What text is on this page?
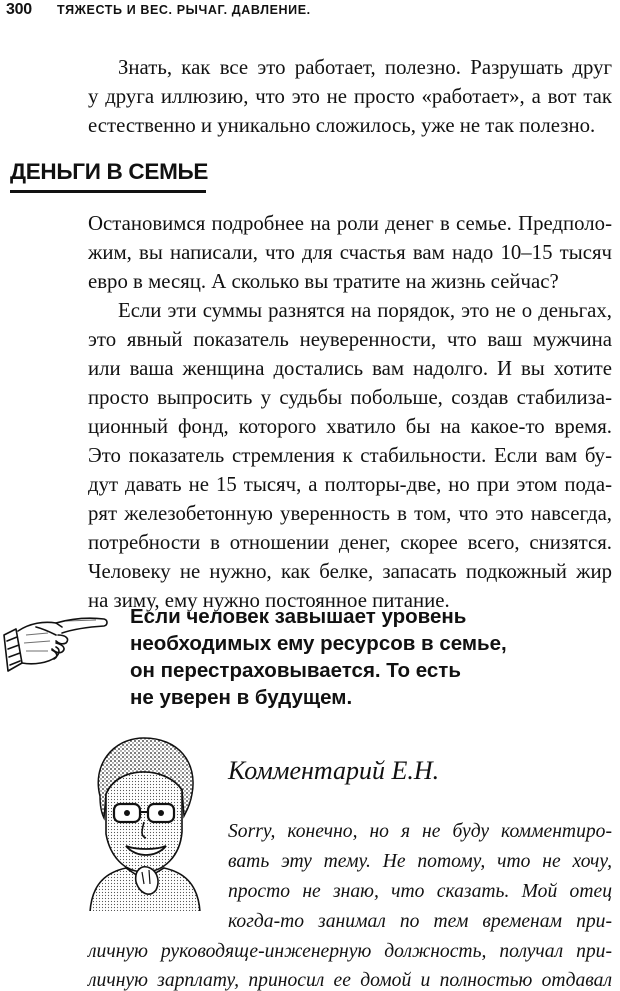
300 ТЯЖЕСТЬ И ВЕС. РЫЧАГ. ДАВЛЕНИЕ.
Знать, как все это работает, полезно. Разрушать друг
у друга иллюзию, что это не просто «работает», а вот так
естественно и уникально сложилось, уже не так полезно.
ДЕНЬГИ В СЕМЬЕ
Остановимся подробнее на роли денег в семье. Предполо-
жим, вы написали, что для счастья вам надо 10–15 тысяч
евро в месяц. А сколько вы тратите на жизнь сейчас?
Если эти суммы разнятся на порядок, это не о деньгах,
это явный показатель неуверенности, что ваш мужчина
или ваша женщина достались вам надолго. И вы хотите
просто выпросить у судьбы побольше, создав стабилиза-
ционный фонд, которого хватило бы на какое-то время.
Это показатель стремления к стабильности. Если вам бу-
дут давать не 15 тысяч, а полторы-две, но при этом пода-
рят железобетонную уверенность в том, что это навсегда,
потребности в отношении денег, скорее всего, снизятся.
Человеку не нужно, как белке, запасать подкожный жир
на зиму, ему нужно постоянное питание.
Если человек завышает уровень
необходимых ему ресурсов в семье,
он перестраховывается. То есть
не уверен в будущем.
Комментарий Е.Н.
Sorry, конечно, но я не буду комментиро-
вать эту тему. Не потому, что не хочу,
просто не знаю, что сказать. Мой отец
когда-то занимал по тем временам при-
личную руководяще-инженерную должность, получал при-
личную зарплату, приносил ее домой и полностью отдавал
